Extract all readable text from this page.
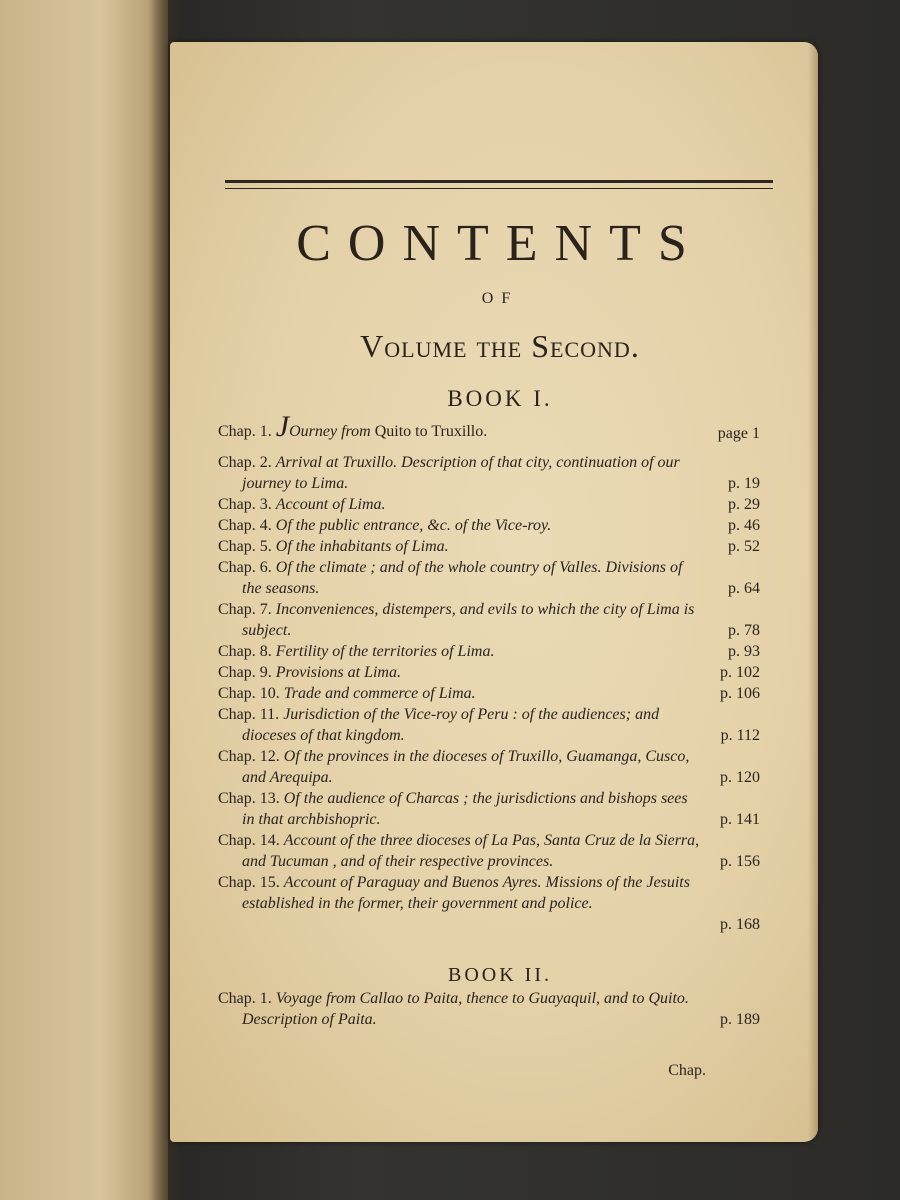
CONTENTS
OF
Volume the Second.
BOOK I.
Chap. 1. JOurney from Quito to Truxillo.	page 1
Chap. 2. Arrival at Truxillo. Description of that city, continuation of our journey to Lima.	p. 19
Chap. 3. Account of Lima.	p. 29
Chap. 4. Of the public entrance, &c. of the Vice-roy.	p. 46
Chap. 5. Of the inhabitants of Lima.	p. 52
Chap. 6. Of the climate ; and of the whole country of Valles. Divisions of the seasons.	p. 64
Chap. 7. Inconveniences, distempers, and evils to which the city of Lima is subject.	p. 78
Chap. 8. Fertility of the territories of Lima.	p. 93
Chap. 9. Provisions at Lima.	p. 102
Chap. 10. Trade and commerce of Lima.	p. 106
Chap. 11. Jurisdiction of the Vice-roy of Peru : of the audiences; and dioceses of that kingdom.	p. 112
Chap. 12. Of the provinces in the dioceses of Truxillo, Guamanga, Cusco, and Arequipa.	p. 120
Chap. 13. Of the audience of Charcas ; the jurisdictions and bishops sees in that archbishopric.	p. 141
Chap. 14. Account of the three dioceses of La Pas, Santa Cruz de la Sierra, and Tucuman , and of their respective provinces.	p. 156
Chap. 15. Account of Paraguay and Buenos Ayres. Missions of the Jesuits established in the former, their government and police.
p. 168
BOOK II.
Chap. 1. Voyage from Callao to Paita, thence to Guayaquil, and to Quito. Description of Paita.	p. 189
Chap.
